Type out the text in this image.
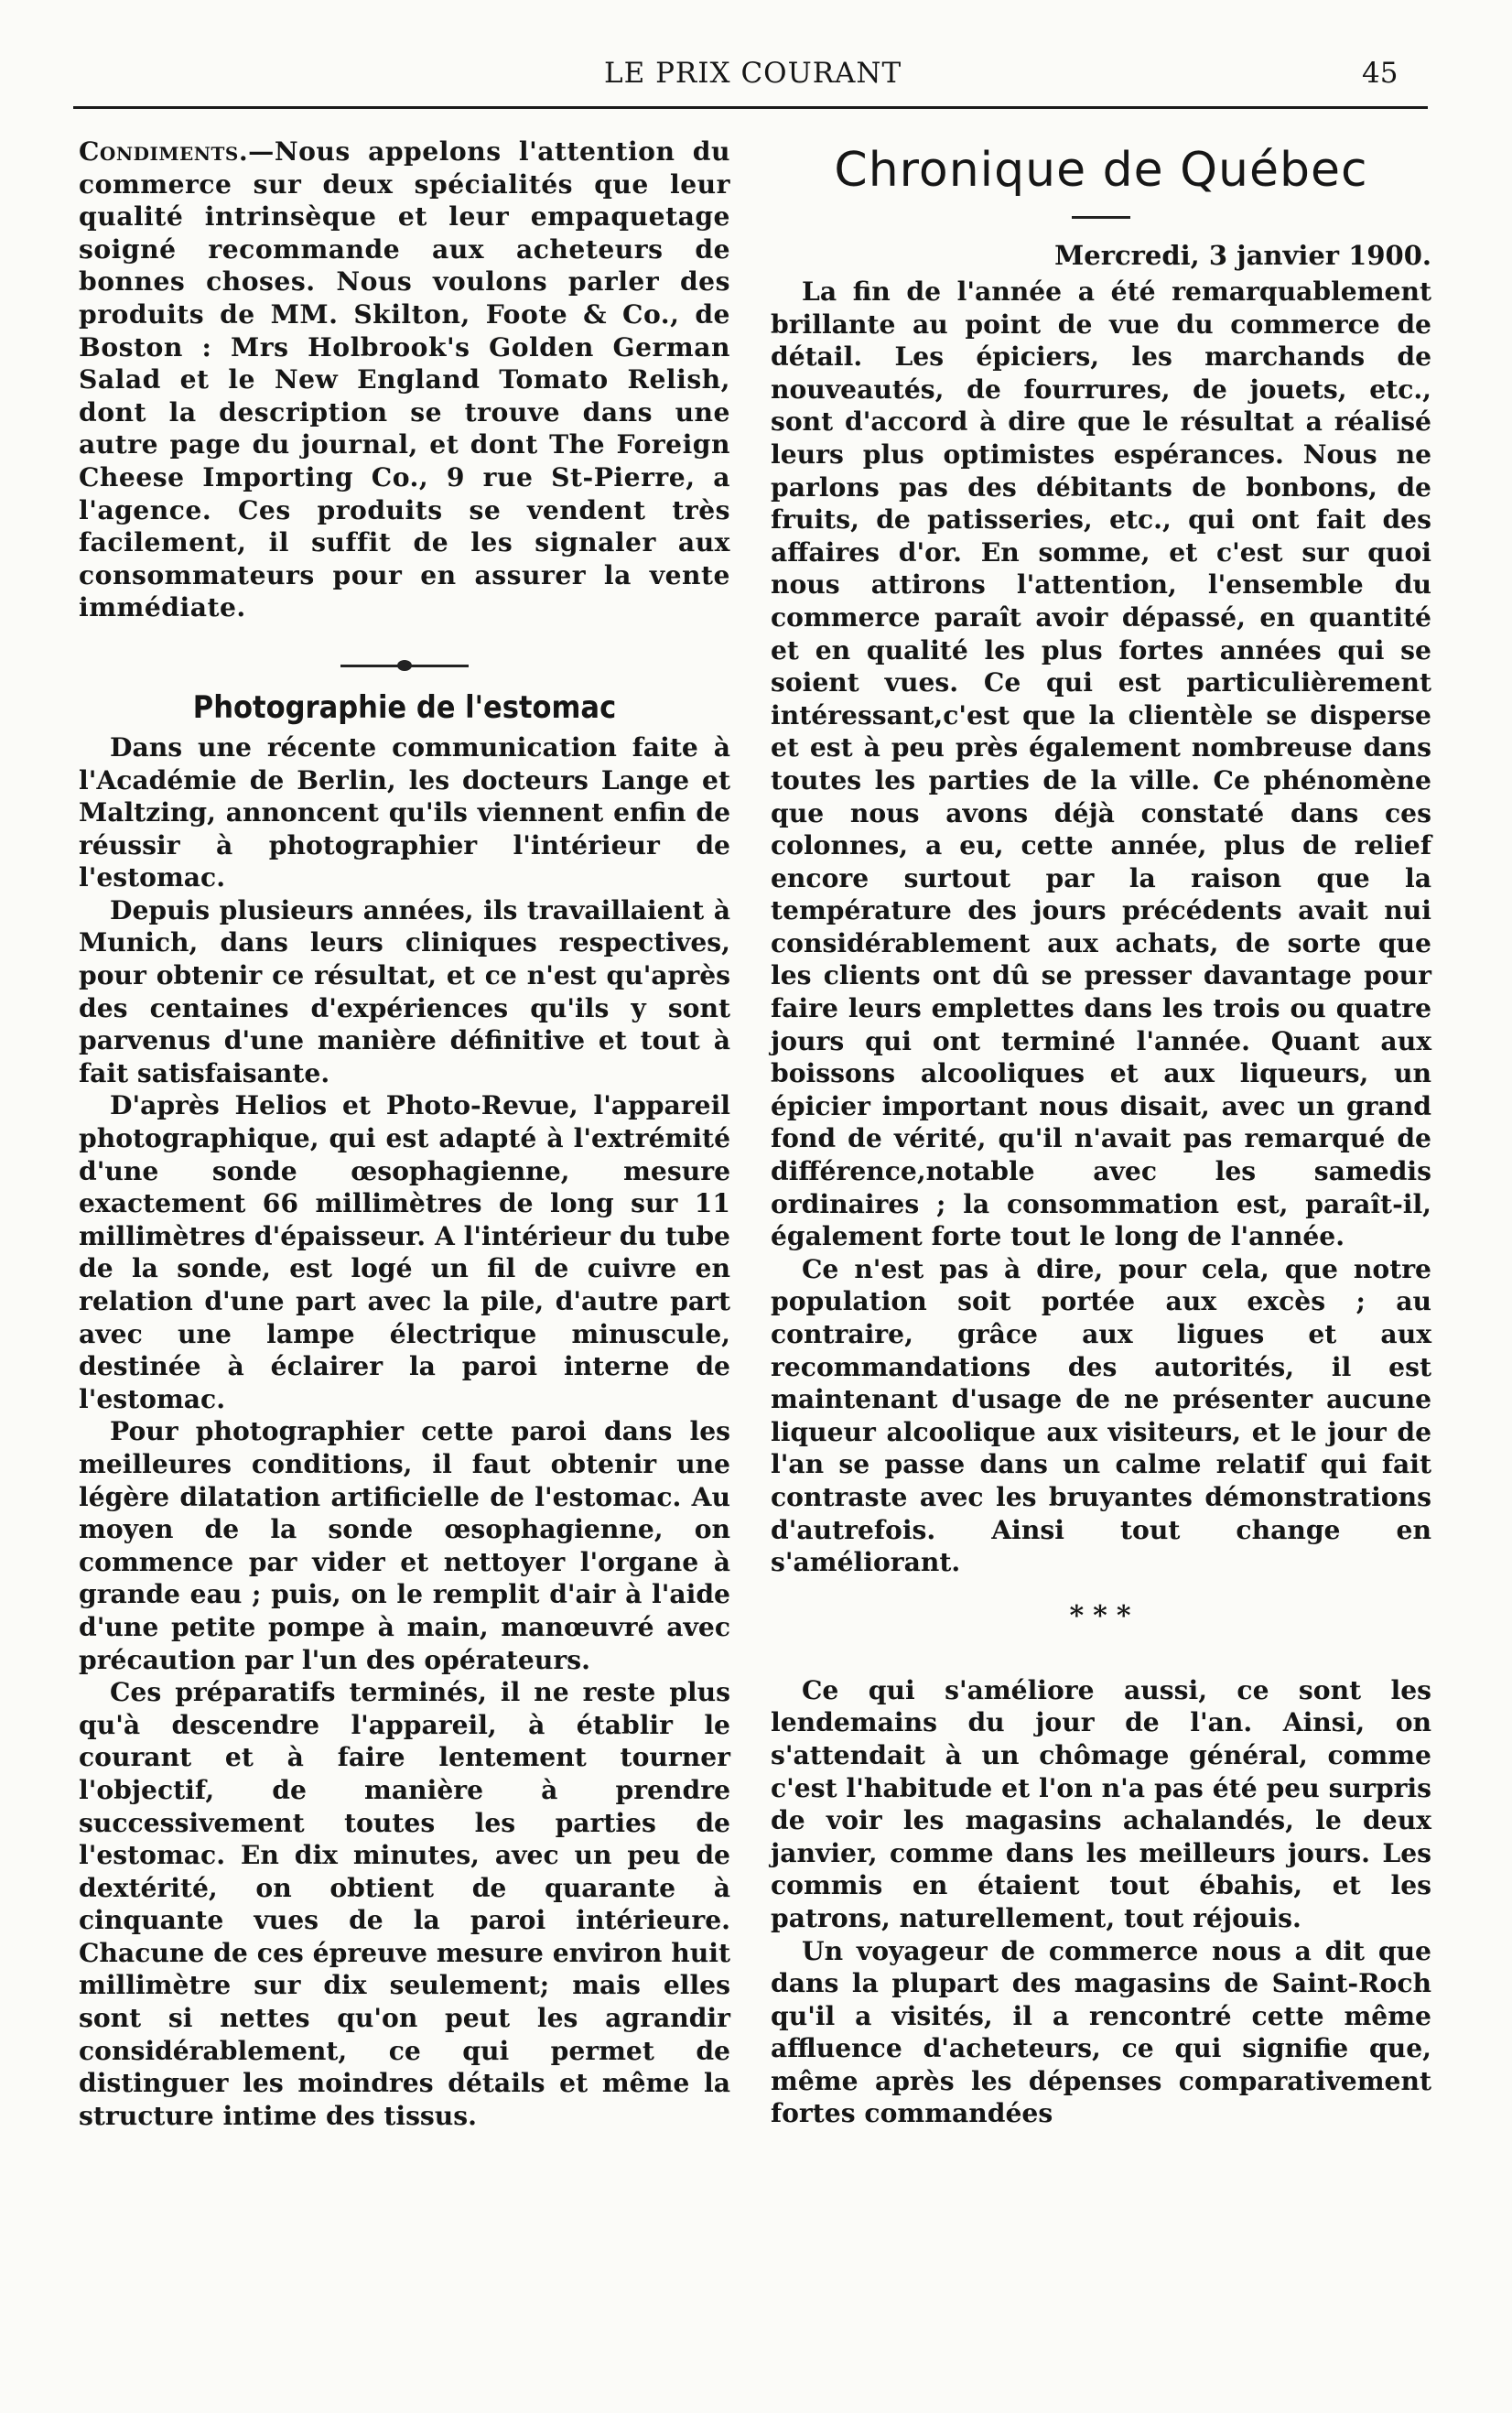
LE PRIX COURANT	45

Condiments.—Nous appelons l'attention du commerce sur deux spécialités que leur qualité intrinsèque et leur empaquetage soigné recommande aux acheteurs de bonnes choses. Nous voulons parler des produits de MM. Skilton, Foote & Co., de Boston : Mrs Holbrook's Golden German Salad et le New England Tomato Relish, dont la description se trouve dans une autre page du journal, et dont The Foreign Cheese Importing Co., 9 rue St-Pierre, a l'agence. Ces produits se vendent très facilement, il suffit de les signaler aux consommateurs pour en assurer la vente immédiate.

Photographie de l'estomac

Dans une récente communication faite à l'Académie de Berlin, les docteurs Lange et Maltzing, annoncent qu'ils viennent enfin de réussir à photographier l'intérieur de l'estomac.

Depuis plusieurs années, ils travaillaient à Munich, dans leurs cliniques respectives, pour obtenir ce résultat, et ce n'est qu'après des centaines d'expériences qu'ils y sont parvenus d'une manière définitive et tout à fait satisfaisante.

D'après Helios et Photo-Revue, l'appareil photographique, qui est adapté à l'extrémité d'une sonde œsophagienne, mesure exactement 66 millimètres de long sur 11 millimètres d'épaisseur. A l'intérieur du tube de la sonde, est logé un fil de cuivre en relation d'une part avec la pile, d'autre part avec une lampe électrique minuscule, destinée à éclairer la paroi interne de l'estomac.

Pour photographier cette paroi dans les meilleures conditions, il faut obtenir une légère dilatation artificielle de l'estomac. Au moyen de la sonde œsophagienne, on commence par vider et nettoyer l'organe à grande eau ; puis, on le remplit d'air à l'aide d'une petite pompe à main, manœuvré avec précaution par l'un des opérateurs.

Ces préparatifs terminés, il ne reste plus qu'à descendre l'appareil, à établir le courant et à faire lentement tourner l'objectif, de manière à prendre successivement toutes les parties de l'estomac. En dix minutes, avec un peu de dextérité, on obtient de quarante à cinquante vues de la paroi intérieure. Chacune de ces épreuve mesure environ huit millimètre sur dix seulement; mais elles sont si nettes qu'on peut les agrandir considérablement, ce qui permet de distinguer les moindres détails et même la structure intime des tissus.

Chronique de Québec
Mercredi, 3 janvier 1900.

La fin de l'année a été remarquablement brillante au point de vue du commerce de détail. Les épiciers, les marchands de nouveautés, de fourrures, de jouets, etc., sont d'accord à dire que le résultat a réalisé leurs plus optimistes espérances. Nous ne parlons pas des débitants de bonbons, de fruits, de patisseries, etc., qui ont fait des affaires d'or. En somme, et c'est sur quoi nous attirons l'attention, l'ensemble du commerce paraît avoir dépassé, en quantité et en qualité les plus fortes années qui se soient vues. Ce qui est particulièrement intéressant,c'est que la clientèle se disperse et est à peu près également nombreuse dans toutes les parties de la ville. Ce phénomène que nous avons déjà constaté dans ces colonnes, a eu, cette année, plus de relief encore surtout par la raison que la température des jours précédents avait nui considérablement aux achats, de sorte que les clients ont dû se presser davantage pour faire leurs emplettes dans les trois ou quatre jours qui ont terminé l'année. Quant aux boissons alcooliques et aux liqueurs, un épicier important nous disait, avec un grand fond de vérité, qu'il n'avait pas remarqué de différence,notable avec les samedis ordinaires ; la consommation est, paraît-il, également forte tout le long de l'année.

Ce n'est pas à dire, pour cela, que notre population soit portée aux excès ; au contraire, grâce aux ligues et aux recommandations des autorités, il est maintenant d'usage de ne présenter aucune liqueur alcoolique aux visiteurs, et le jour de l'an se passe dans un calme relatif qui fait contraste avec les bruyantes démonstrations d'autrefois. Ainsi tout change en s'améliorant.

* * *

Ce qui s'améliore aussi, ce sont les lendemains du jour de l'an. Ainsi, on s'attendait à un chômage général, comme c'est l'habitude et l'on n'a pas été peu surpris de voir les magasins achalandés, le deux janvier, comme dans les meilleurs jours. Les commis en étaient tout ébahis, et les patrons, naturellement, tout réjouis.

Un voyageur de commerce nous a dit que dans la plupart des magasins de Saint-Roch qu'il a visités, il a rencontré cette même affluence d'acheteurs, ce qui signifie que, même après les dépenses comparativement fortes commandées
